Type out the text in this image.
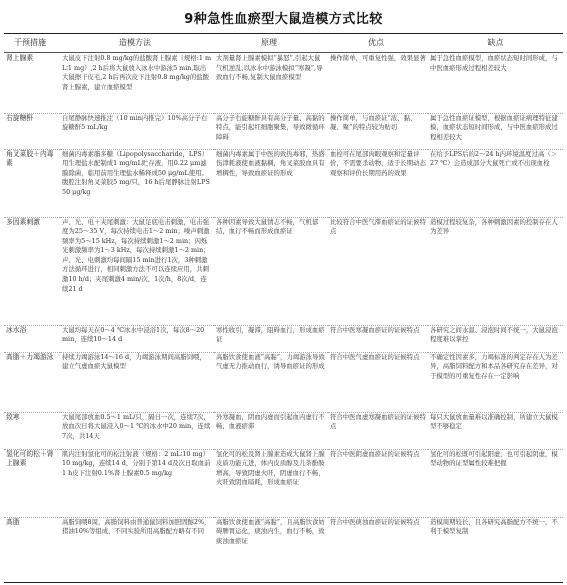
9种急性血瘀型大鼠造模方式比较
干预措施	造模方法	原理	优点	缺点
肾上腺素	大鼠皮下注射0.8 mg/kg的盐酸肾上腺素（规格:1 mL∶1 mg）,2 h后将大鼠放入冰水中游泳5 min,取出大鼠擦干皮毛,2 h后再次皮下注射0.8 mg/kg的盐酸肾上腺素，建立血瘀模型	大剂量肾上腺素模拟“暴怒”,引起大鼠气机逆乱,以冰水中游泳模拟“寒凝”,导致血行不畅,复制大鼠血瘀模型	操作简单，可重复性强，效果显著	属于急性血瘀模型，血瘀状态短时间形成，与中医血瘀形成过程相差较大
右旋糖酐	自尾静脉快速推注（10 min内推完）10%高分子右旋糖酐5 mL/kg	高分子右旋糖酐具有高分子量、高黏的特点，能引起红细胞聚集，导致微循环障碍	操作简单，与血瘀证“浓、黏、凝、聚”的特点较为贴切	属于急性血瘀证模型，根据血瘀证病理特征建模，血瘀状态短时间形成，与中医血瘀形成过程相差较大
角叉菜胶＋内毒素	细菌内毒素脂多糖（Lipopolysaccharide，LPS）用生理盐水配制成1 mg/mL贮存液，用0.22 μm滤膜除菌，临用前用生理盐水稀释成50 μg/mL使用。腹腔注射角叉菜胶5 mg/只，16 h后尾静脉注射LPS 50 μg/kg	细菌内毒素属于中医的致热毒邪，热盛伤津耗液使血液黏稠，角叉菜胶血具有增稠性，导致血瘀证的形成	血栓可在尾部肉眼观察和定量评价，不需要杀动物，适于长期动态观察和评价长期用药的效果	在给予LPS后的2～24 h内环境温度过高（＞27 ℃）会造成部分大鼠死亡或不出现血栓
多因素刺激	声、光、电＋夹尾刺激：大鼠足底电击刺激，电击强度为25～35 V，每次持续电击1～2 min；噪声刺激频率为5～15 kHz，每次持续刺激1～2 min；闪烁光刺激频率为1～3 kHz，每次持续刺激1～2 min；声、光、电刺激均每间隔15 min进行1次，3种刺激方法循环进行，相同刺激方法不可以连续应用，共刺激10 h/d；夹尾刺激4 min/次，1次/h，8次/d，连续21 d	各种因素导致大鼠情志不畅，气机郁结，血行不畅而形成血瘀证	比较符合中医气滞血瘀证的证候特点	造模过程较复杂，各种刺激因素的控制存在人为差异
冰水浴	大鼠均每天在0～4 ℃冰水中浸浴1次，每次8～20 min，连续10～14 d	寒性收引，凝滞，阻碍血行，形成血瘀证	符合中医寒凝血瘀证的证候特点	各研究之间水温、浸泡时间不统一，大鼠浸泡程度难以掌控
高脂＋力竭游泳	持续力竭游泳14～16 d，力竭游泳期间高脂饲喂，建立气虚血瘀大鼠模型	高脂饮食使血液“高黏”，力竭游泳导致气虚无力推动血行，诱导血瘀证的形成	符合中医气虚血瘀证的证候特点	不确定性因素多，力竭标准的判定存在人为差异，高脂饲料配方和本品各研究存在差异，对于模型的可重复性存在一定影响
致寒	大鼠尾部放血0.5～1 mL/只，隔日一次，连续7次，放血次日将大鼠浸入0～1 ℃的冰水中20 min，连续7次，共14天	外寒凝血，阴血内虚而引起血内虚行不畅，血液瘀滞	符合中医血虚寒凝血瘀证的证候特点	每只大鼠放血量难以准确控制，所建立大鼠模型不够稳定
氢化可的松＋肾上腺素	肌内注射氢化可的松注射液（规格：2 mL∶10 mg）10 mg/kg，连续14 d，分别于第14 d及次日取血前1 h皮下注射0.1%肾上腺素0.5 mg/kg	氢化可的松及肾上腺素造成大鼠肾上腺皮质功能亢进，体内皮质醇及儿茶酚胺增高，导致阴虚火旺，阴虚血行不畅，火旺致阴血暗耗，形成血瘀证	符合中医阴虚血瘀证的证候特点	氢化可的松既可引起阳虚，也可引起阴虚，模型动物的证型属性较难把握
高脂	高脂饲喂8周，高脂饲料由普通鼠饲料加胆固醇2%，猪油10%等组成，不同实验所用高脂配方略有不同	高脂饮食使血液“高黏”，且高脂饮食妨碍脾胃运化，痰浊内生，血行不畅，致痰浊血瘀证	符合中医痰浊血瘀证的证候特点	造模周期较长，且各研究高脂配方不统一，不利于模型复制
